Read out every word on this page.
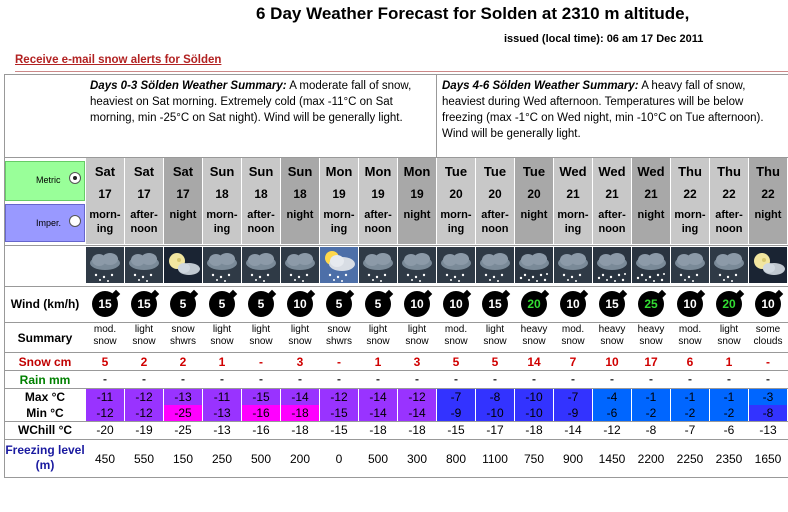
6 Day Weather Forecast for Solden at 2310 m altitude,
issued (local time): 06 am 17 Dec 2011
Receive e-mail snow alerts for Sölden
Days 0-3 Sölden Weather Summary: A moderate fall of snow, heaviest on Sat morning. Extremely cold (max -11°C on Sat morning, min -25°C on Sat night). Wind will be generally light.
Days 4-6 Sölden Weather Summary: A heavy fall of snow, heaviest during Wed afternoon. Temperatures will be below freezing (max -1°C on Wed night, min -10°C on Tue afternoon). Wind will be generally light.
Metric
Imper.
Wind (km/h)
Summary
Snow cm
Rain mm
Max °C
Min °C
WChill °C
Freezing level (m)
Sat
17
morn-
ing
15
mod.
snow
5
-
-11
-12
-20
450
Sat
17
after-
noon
15
light
snow
2
-
-12
-12
-19
550
Sat
17
night
5
snow
shwrs
2
-
-13
-25
-25
150
Sun
18
morn-
ing
5
light
snow
1
-
-11
-13
-13
250
Sun
18
after-
noon
5
light
snow
-
-
-15
-16
-16
500
Sun
18
night
10
light
snow
3
-
-14
-18
-18
200
Mon
19
morn-
ing
5
snow
shwrs
-
-
-12
-15
-15
0
Mon
19
after-
noon
5
light
snow
1
-
-14
-14
-18
500
Mon
19
night
10
light
snow
3
-
-12
-14
-18
300
Tue
20
morn-
ing
10
mod.
snow
5
-
-7
-9
-15
800
Tue
20
after-
noon
15
light
snow
5
-
-8
-10
-17
1100
Tue
20
night
20
heavy
snow
14
-
-10
-10
-18
750
Wed
21
morn-
ing
10
mod.
snow
7
-
-7
-9
-14
900
Wed
21
after-
noon
15
heavy
snow
10
-
-4
-6
-12
1450
Wed
21
night
25
heavy
snow
17
-
-1
-2
-8
2200
Thu
22
morn-
ing
10
mod.
snow
6
-
-1
-2
-7
2250
Thu
22
after-
noon
20
light
snow
1
-
-1
-2
-6
2350
Thu
22
night
10
some
clouds
-
-
-3
-8
-13
1650
